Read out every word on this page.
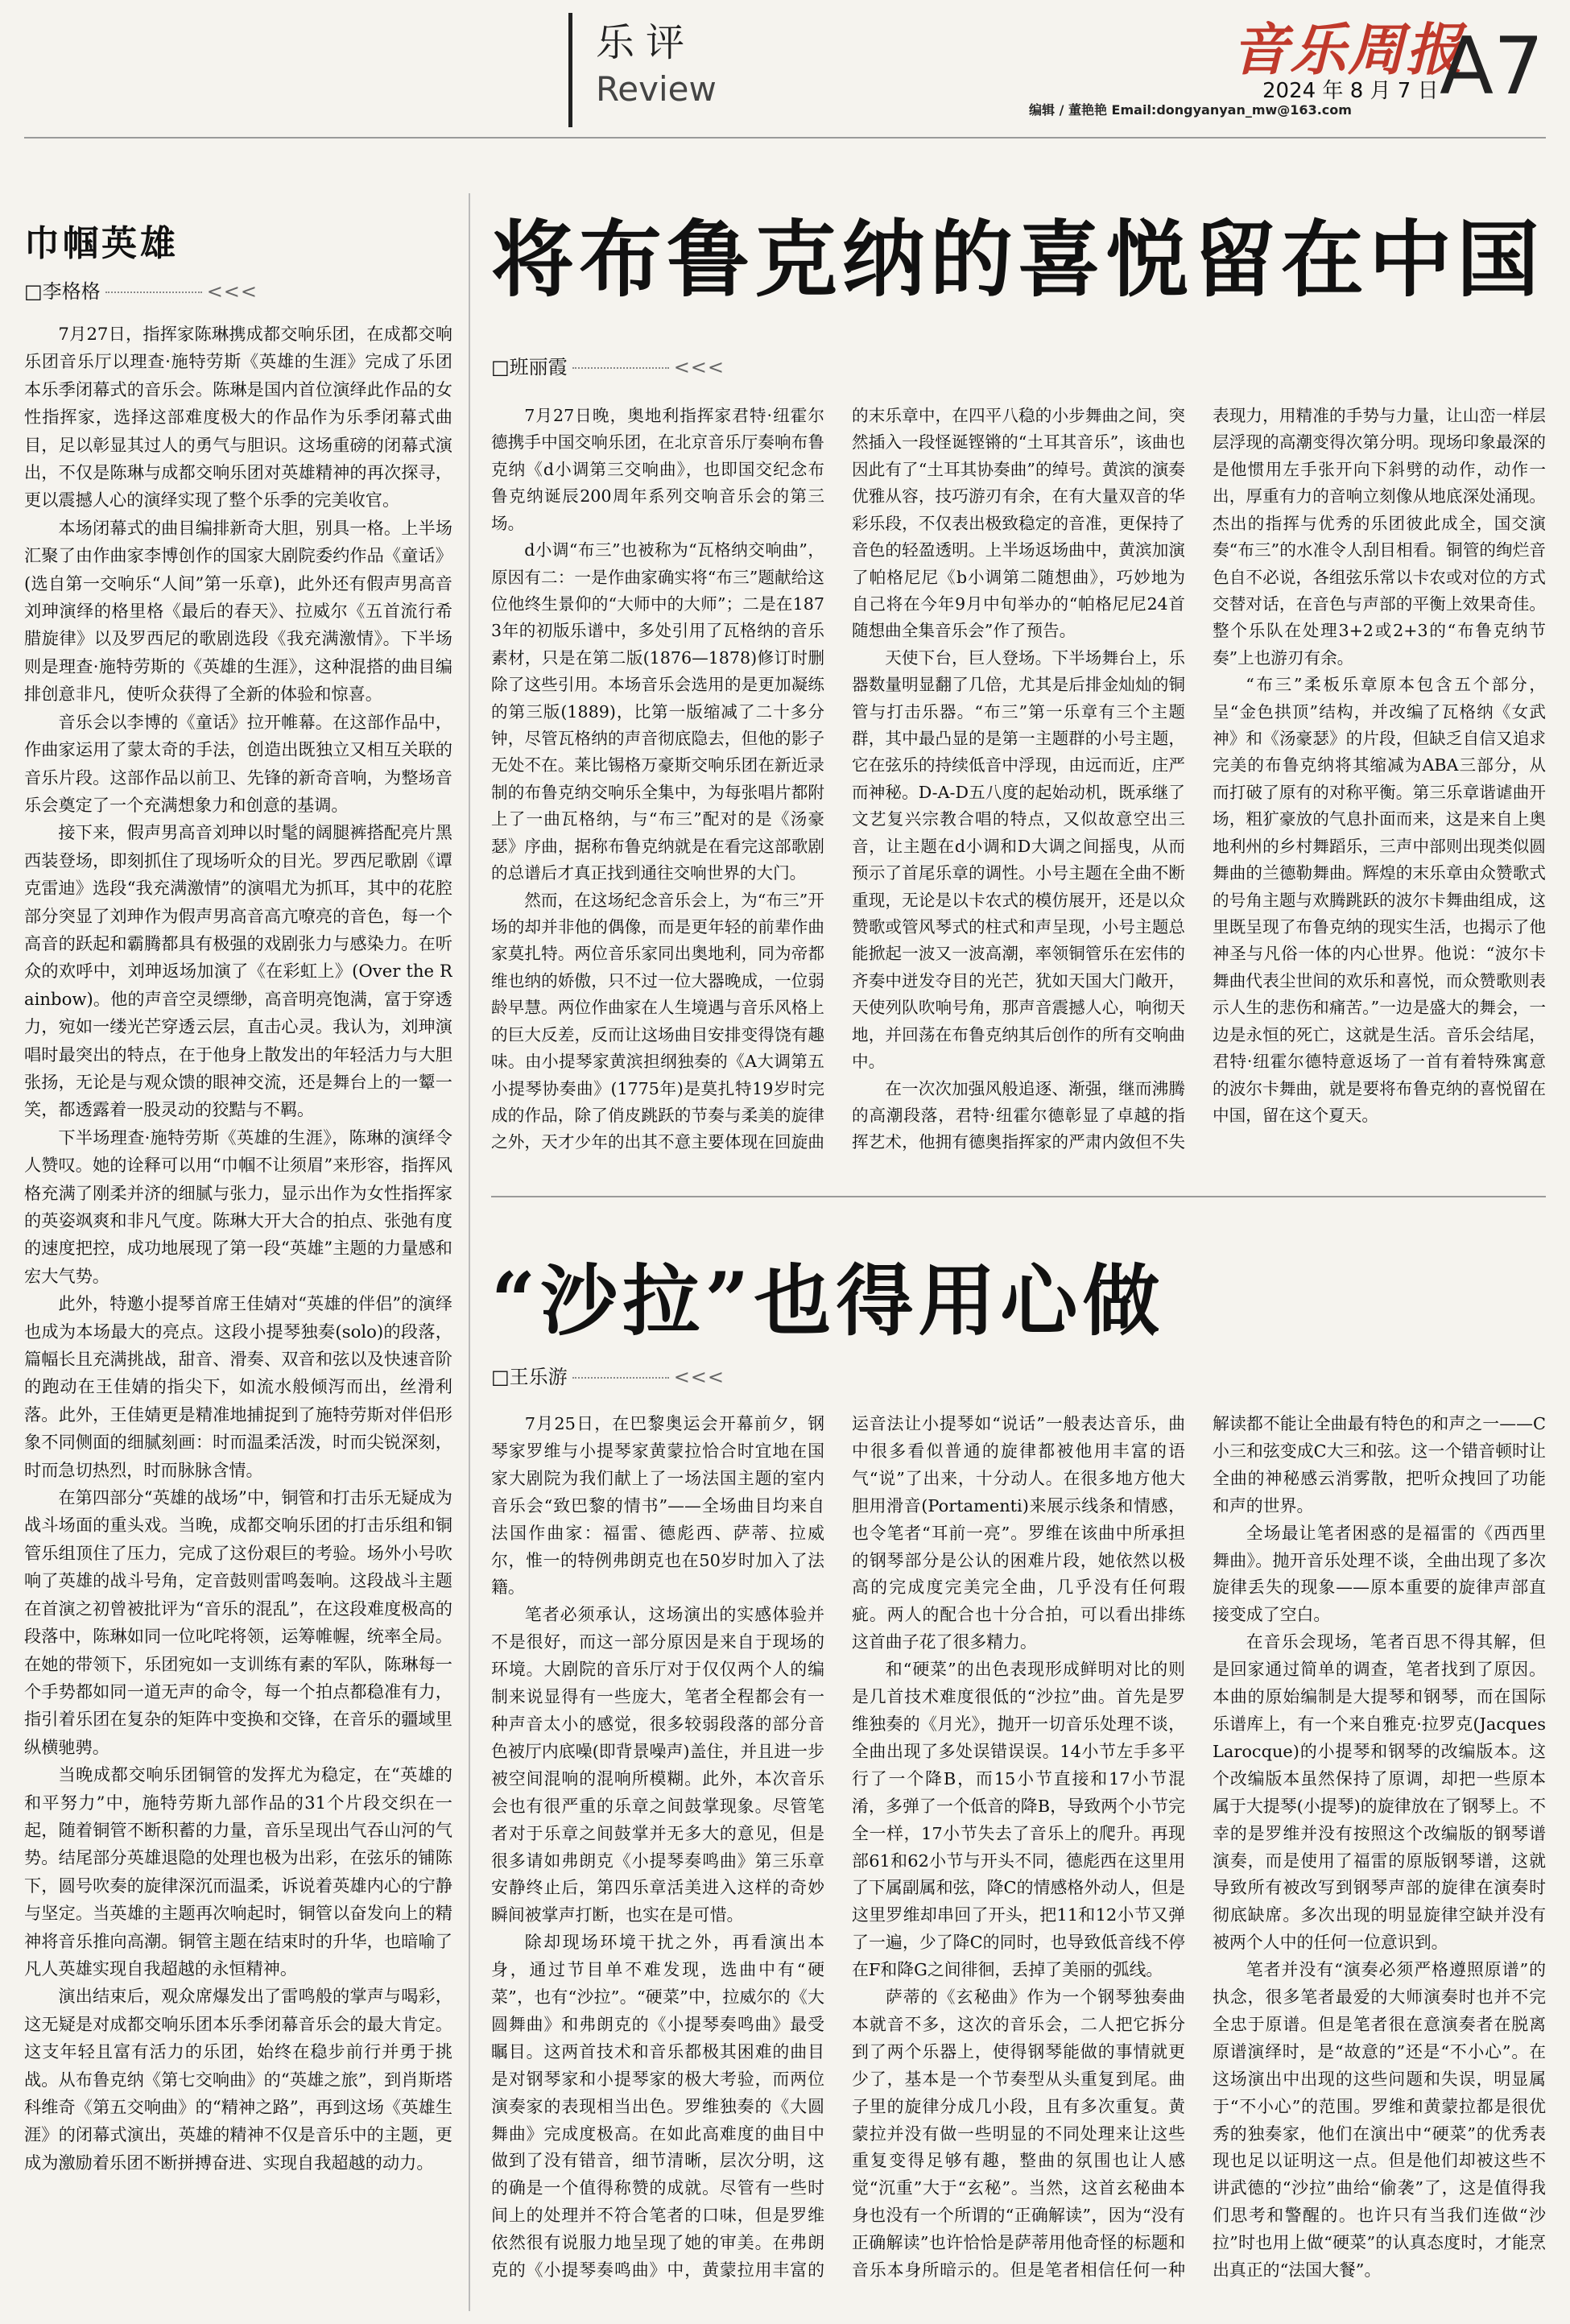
乐评
Review
音乐周报
2024 年 8 月 7 日 A7
编辑 / 董艳艳 Email:dongyanyan_mw@163.com
巾帼英雄
□李格格	<<<

7月27日，指挥家陈琳携成都交响乐团，在成都交响乐团音乐厅以理查·施特劳斯《英雄的生涯》完成了乐团本乐季闭幕式的音乐会。陈琳是国内首位演绎此作品的女性指挥家，选择这部难度极大的作品作为乐季闭幕式曲目，足以彰显其过人的勇气与胆识。这场重磅的闭幕式演出，不仅是陈琳与成都交响乐团对英雄精神的再次探寻，更以震撼人心的演绎实现了整个乐季的完美收官。

本场闭幕式的曲目编排新奇大胆，别具一格。上半场汇聚了由作曲家李博创作的国家大剧院委约作品《童话》(选自第一交响乐“人间”第一乐章)，此外还有假声男高音刘珅演绎的格里格《最后的春天》、拉威尔《五首流行希腊旋律》以及罗西尼的歌剧选段《我充满激情》。下半场则是理查·施特劳斯的《英雄的生涯》，这种混搭的曲目编排创意非凡，使听众获得了全新的体验和惊喜。

音乐会以李博的《童话》拉开帷幕。在这部作品中，作曲家运用了蒙太奇的手法，创造出既独立又相互关联的音乐片段。这部作品以前卫、先锋的新奇音响，为整场音乐会奠定了一个充满想象力和创意的基调。

接下来，假声男高音刘珅以时髦的阔腿裤搭配亮片黑西装登场，即刻抓住了现场听众的目光。罗西尼歌剧《谭克雷迪》选段“我充满激情”的演唱尤为抓耳，其中的花腔部分突显了刘珅作为假声男高音高亢嘹亮的音色，每一个高音的跃起和霸腾都具有极强的戏剧张力与感染力。在听众的欢呼中，刘珅返场加演了《在彩虹上》(Over the Rainbow)。他的声音空灵缥缈，高音明亮饱满，富于穿透力，宛如一缕光芒穿透云层，直击心灵。我认为，刘珅演唱时最突出的特点，在于他身上散发出的年轻活力与大胆张扬，无论是与观众馈的眼神交流，还是舞台上的一颦一笑，都透露着一股灵动的狡黠与不羁。

下半场理查·施特劳斯《英雄的生涯》，陈琳的演绎令人赞叹。她的诠释可以用“巾帼不让须眉”来形容，指挥风格充满了刚柔并济的细腻与张力，显示出作为女性指挥家的英姿飒爽和非凡气度。陈琳大开大合的拍点、张弛有度的速度把控，成功地展现了第一段“英雄”主题的力量感和宏大气势。

此外，特邀小提琴首席王佳婧对“英雄的伴侣”的演绎也成为本场最大的亮点。这段小提琴独奏(solo)的段落，篇幅长且充满挑战，甜音、滑奏、双音和弦以及快速音阶的跑动在王佳婧的指尖下，如流水般倾泻而出，丝滑利落。此外，王佳婧更是精准地捕捉到了施特劳斯对伴侣形象不同侧面的细腻刻画：时而温柔活泼，时而尖锐深刻，时而急切热烈，时而脉脉含情。

在第四部分“英雄的战场”中，铜管和打击乐无疑成为战斗场面的重头戏。当晚，成都交响乐团的打击乐组和铜管乐组顶住了压力，完成了这份艰巨的考验。场外小号吹响了英雄的战斗号角，定音鼓则雷鸣轰响。这段战斗主题在首演之初曾被批评为“音乐的混乱”，在这段难度极高的段落中，陈琳如同一位叱咤将领，运筹帷幄，统率全局。在她的带领下，乐团宛如一支训练有素的军队，陈琳每一个手势都如同一道无声的命令，每一个拍点都稳准有力，指引着乐团在复杂的矩阵中变换和交锋，在音乐的疆域里纵横驰骋。

当晚成都交响乐团铜管的发挥尤为稳定，在“英雄的和平努力”中，施特劳斯九部作品的31个片段交织在一起，随着铜管不断积蓄的力量，音乐呈现出气吞山河的气势。结尾部分英雄退隐的处理也极为出彩，在弦乐的铺陈下，圆号吹奏的旋律深沉而温柔，诉说着英雄内心的宁静与坚定。当英雄的主题再次响起时，铜管以奋发向上的精神将音乐推向高潮。铜管主题在结束时的升华，也暗喻了凡人英雄实现自我超越的永恒精神。

演出结束后，观众席爆发出了雷鸣般的掌声与喝彩，这无疑是对成都交响乐团本乐季闭幕音乐会的最大肯定。这支年轻且富有活力的乐团，始终在稳步前行并勇于挑战。从布鲁克纳《第七交响曲》的“英雄之旅”，到肖斯塔科维奇《第五交响曲》的“精神之路”，再到这场《英雄生涯》的闭幕式演出，英雄的精神不仅是音乐中的主题，更成为激励着乐团不断拼搏奋进、实现自我超越的动力。

将布鲁克纳的喜悦留在中国
□班丽霞	<<<

7月27日晚，奥地利指挥家君特·纽霍尔德携手中国交响乐团，在北京音乐厅奏响布鲁克纳《d小调第三交响曲》，也即国交纪念布鲁克纳诞辰200周年系列交响音乐会的第三场。

d小调“布三”也被称为“瓦格纳交响曲”，原因有二：一是作曲家确实将“布三”题献给这位他终生景仰的“大师中的大师”；二是在1873年的初版乐谱中，多处引用了瓦格纳的音乐素材，只是在第二版(1876—1878)修订时删除了这些引用。本场音乐会选用的是更加凝练的第三版(1889)，比第一版缩减了二十多分钟，尽管瓦格纳的声音彻底隐去，但他的影子无处不在。莱比锡格万豪斯交响乐团在新近录制的布鲁克纳交响乐全集中，为每张唱片都附上了一曲瓦格纳，与“布三”配对的是《汤豪瑟》序曲，据称布鲁克纳就是在看完这部歌剧的总谱后才真正找到通往交响世界的大门。

然而，在这场纪念音乐会上，为“布三”开场的却并非他的偶像，而是更年轻的前辈作曲家莫扎特。两位音乐家同出奥地利，同为帝都维也纳的娇傲，只不过一位大器晚成，一位弱龄早慧。两位作曲家在人生境遇与音乐风格上的巨大反差，反而让这场曲目安排变得饶有趣味。由小提琴家黄滨担纲独奏的《A大调第五小提琴协奏曲》(1775年)是莫扎特19岁时完成的作品，除了俏皮跳跃的节奏与柔美的旋律之外，天才少年的出其不意主要体现在回旋曲的末乐章中，在四平八稳的小步舞曲之间，突然插入一段怪诞铿锵的“土耳其音乐”，该曲也因此有了“土耳其协奏曲”的绰号。黄滨的演奏优雅从容，技巧游刃有余，在有大量双音的华彩乐段，不仅表出极致稳定的音准，更保持了音色的轻盈透明。上半场返场曲中，黄滨加演了帕格尼尼《b小调第二随想曲》，巧妙地为自己将在今年9月中旬举办的“帕格尼尼24首随想曲全集音乐会”作了预告。

天使下台，巨人登场。下半场舞台上，乐器数量明显翻了几倍，尤其是后排金灿灿的铜管与打击乐器。“布三”第一乐章有三个主题群，其中最凸显的是第一主题群的小号主题，它在弦乐的持续低音中浮现，由远而近，庄严而神秘。D-A-D五八度的起始动机，既承继了文艺复兴宗教合唱的特点，又似故意空出三音，让主题在d小调和D大调之间摇曳，从而预示了首尾乐章的调性。小号主题在全曲不断重现，无论是以卡农式的模仿展开，还是以众赞歌或管风琴式的柱式和声呈现，小号主题总能掀起一波又一波高潮，率领铜管乐在宏伟的齐奏中迸发夺目的光芒，犹如天国大门敞开，天使列队吹响号角，那声音震撼人心，响彻天地，并回荡在布鲁克纳其后创作的所有交响曲中。

在一次次加强风般追逐、渐强，继而沸腾的高潮段落，君特·纽霍尔德彰显了卓越的指挥艺术，他拥有德奥指挥家的严肃内敛但不失表现力，用精准的手势与力量，让山峦一样层层浮现的高潮变得次第分明。现场印象最深的是他惯用左手张开向下斜劈的动作，动作一出，厚重有力的音响立刻像从地底深处涌现。杰出的指挥与优秀的乐团彼此成全，国交演奏“布三”的水准令人刮目相看。铜管的绚烂音色自不必说，各组弦乐常以卡农或对位的方式交替对话，在音色与声部的平衡上效果奇佳。整个乐队在处理3+2或2+3的“布鲁克纳节奏”上也游刃有余。

“布三”柔板乐章原本包含五个部分，呈“金色拱顶”结构，并改编了瓦格纳《女武神》和《汤豪瑟》的片段，但缺乏自信又追求完美的布鲁克纳将其缩减为ABA三部分，从而打破了原有的对称平衡。第三乐章谐谑曲开场，粗犷豪放的气息扑面而来，这是来自上奥地利州的乡村舞蹈乐，三声中部则出现类似圆舞曲的兰德勒舞曲。辉煌的末乐章由众赞歌式的号角主题与欢腾跳跃的波尔卡舞曲组成，这里既呈现了布鲁克纳的现实生活，也揭示了他神圣与凡俗一体的内心世界。他说：“波尔卡舞曲代表尘世间的欢乐和喜悦，而众赞歌则表示人生的悲伤和痛苦。”一边是盛大的舞会，一边是永恒的死亡，这就是生活。音乐会结尾，君特·纽霍尔德特意返场了一首有着特殊寓意的波尔卡舞曲，就是要将布鲁克纳的喜悦留在中国，留在这个夏天。

“沙拉”也得用心做
□王乐游	<<<

7月25日，在巴黎奥运会开幕前夕，钢琴家罗维与小提琴家黄蒙拉恰合时宜地在国家大剧院为我们献上了一场法国主题的室内音乐会“致巴黎的情书”——全场曲目均来自法国作曲家：福雷、德彪西、萨蒂、拉威尔，惟一的特例弗朗克也在50岁时加入了法籍。

笔者必须承认，这场演出的实感体验并不是很好，而这一部分原因是来自于现场的环境。大剧院的音乐厅对于仅仅两个人的编制来说显得有一些庞大，笔者全程都会有一种声音太小的感觉，很多较弱段落的部分音色被厅内底噪(即背景噪声)盖住，并且进一步被空间混响的混响所模糊。此外，本次音乐会也有很严重的乐章之间鼓掌现象。尽管笔者对于乐章之间鼓掌并无多大的意见，但是很多请如弗朗克《小提琴奏鸣曲》第三乐章安静终止后，第四乐章活美进入这样的奇妙瞬间被掌声打断，也实在是可惜。

除却现场环境干扰之外，再看演出本身，通过节目单不难发现，选曲中有“硬菜”，也有“沙拉”。“硬菜”中，拉威尔的《大圆舞曲》和弗朗克的《小提琴奏鸣曲》最受瞩目。这两首技术和音乐都极其困难的曲目是对钢琴家和小提琴家的极大考验，而两位演奏家的表现相当出色。罗维独奏的《大圆舞曲》完成度极高。在如此高难度的曲目中做到了没有错音，细节清晰，层次分明，这的确是一个值得称赞的成就。尽管有一些时间上的处理并不符合笔者的口味，但是罗维依然很有说服力地呈现了她的审美。在弗朗克的《小提琴奏鸣曲》中，黄蒙拉用丰富的运音法让小提琴如“说话”一般表达音乐，曲中很多看似普通的旋律都被他用丰富的语气“说”了出来，十分动人。在很多地方他大胆用滑音(Portamenti)来展示线条和情感，也令笔者“耳前一亮”。罗维在该曲中所承担的钢琴部分是公认的困难片段，她依然以极高的完成度完美完全曲，几乎没有任何瑕疵。两人的配合也十分合拍，可以看出排练这首曲子花了很多精力。

和“硬菜”的出色表现形成鲜明对比的则是几首技术难度很低的“沙拉”曲。首先是罗维独奏的《月光》，抛开一切音乐处理不谈，全曲出现了多处误错误误。14小节左手多平行了一个降B，而15小节直接和17小节混淆，多弹了一个低音的降B，导致两个小节完全一样，17小节失去了音乐上的爬升。再现部61和62小节与开头不同，德彪西在这里用了下属副属和弦，降C的情感格外动人，但是这里罗维却串回了开头，把11和12小节又弹了一遍，少了降C的同时，也导致低音线不停在F和降G之间徘徊，丢掉了美丽的弧线。

萨蒂的《玄秘曲》作为一个钢琴独奏曲本就音不多，这次的音乐会，二人把它拆分到了两个乐器上，使得钢琴能做的事情就更少了，基本是一个节奏型从头重复到尾。曲子里的旋律分成几小段，且有多次重复。黄蒙拉并没有做一些明显的不同处理来让这些重复变得足够有趣，整曲的氛围也让人感觉“沉重”大于“玄秘”。当然，这首玄秘曲本身也没有一个所谓的“正确解读”，因为“没有正确解读”也许恰恰是萨蒂用他奇怪的标题和音乐本身所暗示的。但是笔者相信任何一种解读都不能让全曲最有特色的和声之一——C小三和弦变成C大三和弦。这一个错音顿时让全曲的神秘感云消雾散，把听众拽回了功能和声的世界。

全场最让笔者困惑的是福雷的《西西里舞曲》。抛开音乐处理不谈，全曲出现了多次旋律丢失的现象——原本重要的旋律声部直接变成了空白。

在音乐会现场，笔者百思不得其解，但是回家通过简单的调查，笔者找到了原因。本曲的原始编制是大提琴和钢琴，而在国际乐谱库上，有一个来自雅克·拉罗克(Jacques Larocque)的小提琴和钢琴的改编版本。这个改编版本虽然保持了原调，却把一些原本属于大提琴(小提琴)的旋律放在了钢琴上。不幸的是罗维并没有按照这个改编版的钢琴谱演奏，而是使用了福雷的原版钢琴谱，这就导致所有被改写到钢琴声部的旋律在演奏时彻底缺席。多次出现的明显旋律空缺并没有被两个人中的任何一位意识到。

笔者并没有“演奏必须严格遵照原谱”的执念，很多笔者最爱的大师演奏时也并不完全忠于原谱。但是笔者很在意演奏者在脱离原谱演绎时，是“故意的”还是“不小心”。在这场演出中出现的这些问题和失误，明显属于“不小心”的范围。罗维和黄蒙拉都是很优秀的独奏家，他们在演出中“硬菜”的优秀表现也足以证明这一点。但是他们却被这些不讲武德的“沙拉”曲给“偷袭”了，这是值得我们思考和警醒的。也许只有当我们连做“沙拉”时也用上做“硬菜”的认真态度时，才能烹出真正的“法国大餐”。
